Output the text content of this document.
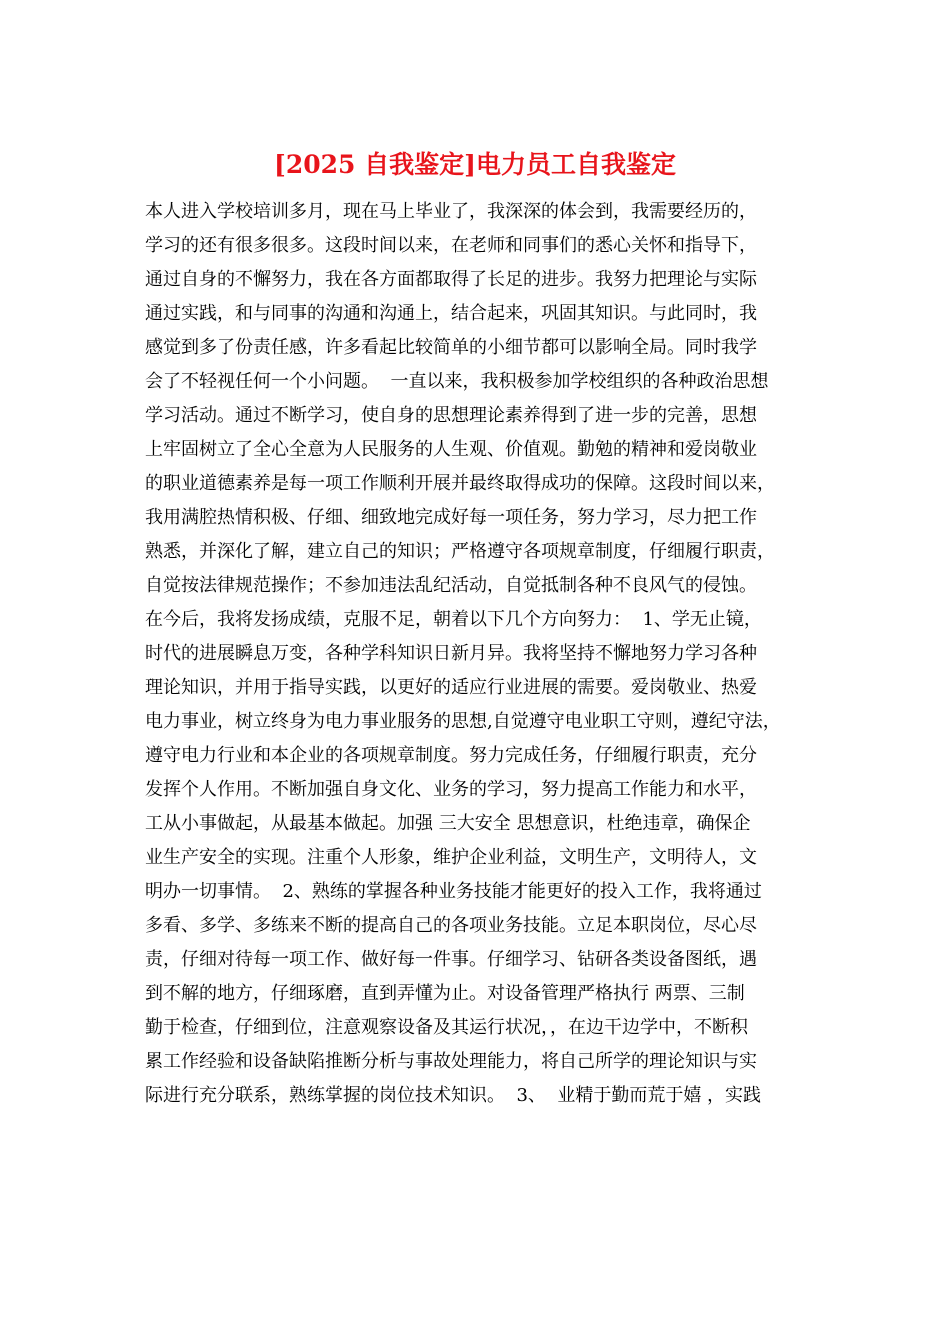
[2025 自我鉴定]电力员工自我鉴定
本人进入学校培训多月，现在马上毕业了，我深深的体会到，我需要经历的，
学习的还有很多很多。这段时间以来，在老师和同事们的悉心关怀和指导下，
通过自身的不懈努力，我在各方面都取得了长足的进步。我努力把理论与实际
通过实践，和与同事的沟通和沟通上，结合起来，巩固其知识。与此同时，我
感觉到多了份责任感，许多看起比较简单的小细节都可以影响全局。同时我学
会了不轻视任何一个小问题。  一直以来，我积极参加学校组织的各种政治思想
学习活动。通过不断学习，使自身的思想理论素养得到了进一步的完善，思想
上牢固树立了全心全意为人民服务的人生观、价值观。勤勉的精神和爱岗敬业
的职业道德素养是每一项工作顺利开展并最终取得成功的保障。这段时间以来，
我用满腔热情积极、仔细、细致地完成好每一项任务，努力学习，尽力把工作
熟悉，并深化了解，建立自己的知识；严格遵守各项规章制度，仔细履行职责，
自觉按法律规范操作；不参加违法乱纪活动，自觉抵制各种不良风气的侵蚀。
在今后，我将发扬成绩，克服不足，朝着以下几个方向努力：  1、学无止镜，
时代的进展瞬息万变，各种学科知识日新月异。我将坚持不懈地努力学习各种
理论知识，并用于指导实践，以更好的适应行业进展的需要。爱岗敬业、热爱
电力事业，树立终身为电力事业服务的思想,自觉遵守电业职工守则，遵纪守法，
遵守电力行业和本企业的各项规章制度。努力完成任务，仔细履行职责，充分
发挥个人作用。不断加强自身文化、业务的学习，努力提高工作能力和水平，
工从小事做起，从最基本做起。加强 三大安全 思想意识，杜绝违章，确保企
业生产安全的实现。注重个人形象，维护企业利益，文明生产，文明待人，文
明办一切事情。  2、熟练的掌握各种业务技能才能更好的投入工作，我将通过
多看、多学、多练来不断的提高自己的各项业务技能。立足本职岗位，尽心尽
责，仔细对待每一项工作、做好每一件事。仔细学习、钻研各类设备图纸，遇
到不解的地方，仔细琢磨，直到弄懂为止。对设备管理严格执行 两票、三制
勤于检查，仔细到位，注意观察设备及其运行状况，，在边干边学中，不断积
累工作经验和设备缺陷推断分析与事故处理能力，将自己所学的理论知识与实
际进行充分联系，熟练掌握的岗位技术知识。  3、  业精于勤而荒于嬉 ，实践
